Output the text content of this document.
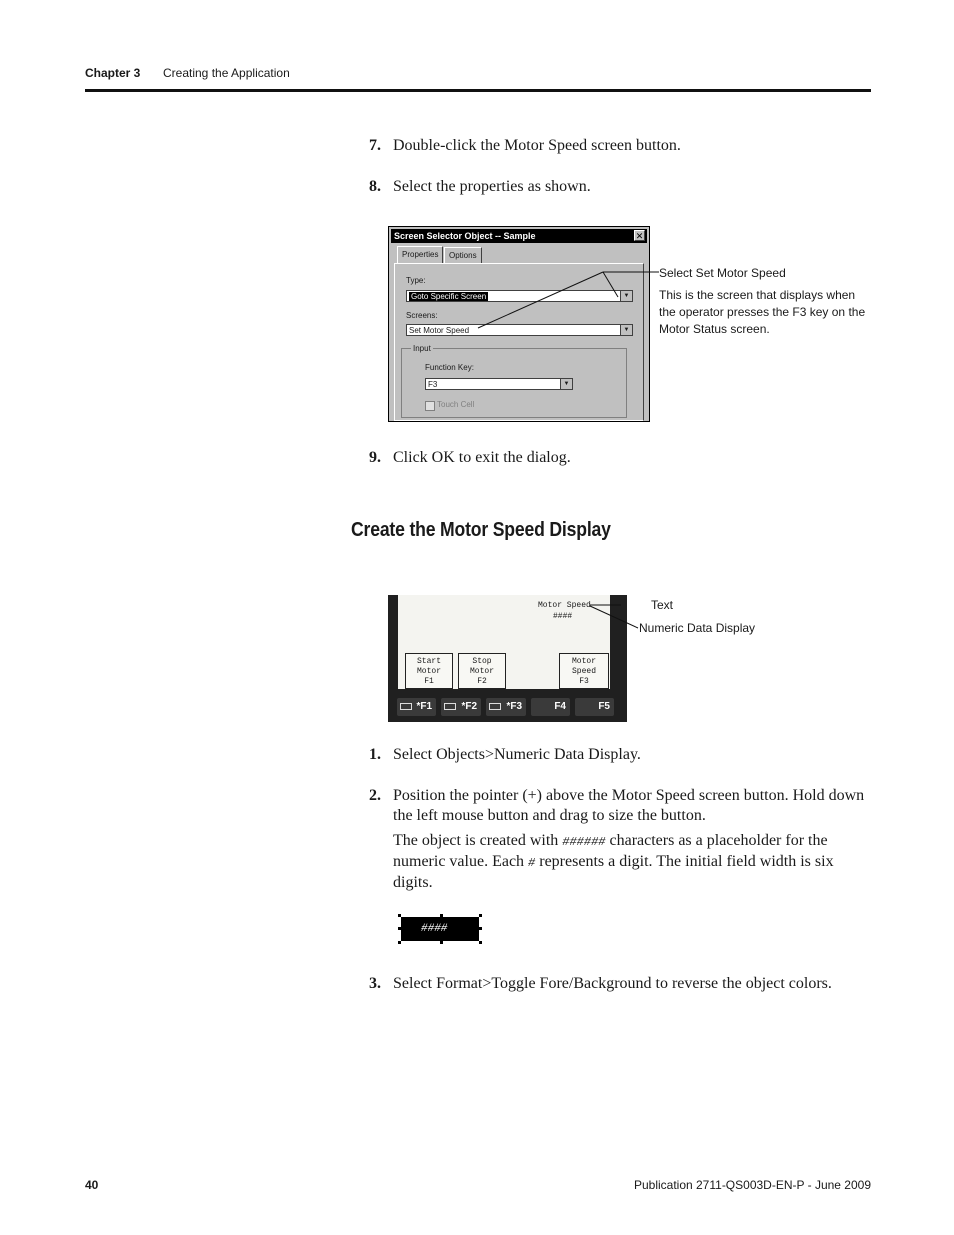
Chapter 3 Creating the Application
7. Double-click the Motor Speed screen button.
8. Select the properties as shown.
Screen Selector Object -- Sample	✕
Properties	Options
Type:
Goto Specific Screen	▼
Screens:
Set Motor Speed	▼
Input
Function Key:
F3	▼
Touch Cell
Select Set Motor Speed
This is the screen that displays when the operator presses the F3 key on the Motor Status screen.
9. Click OK to exit the dialog.
Create the Motor Speed Display
Motor Speed
####
Start
Motor
F1
Stop
Motor
F2
Motor
Speed
F3
*F1	*F2	*F3	F4	F5
Text
Numeric Data Display
1. Select Objects>Numeric Data Display.
2. Position the pointer (+) above the Motor Speed screen button. Hold down the left mouse button and drag to size the button.
The object is created with ###### characters as a placeholder for the numeric value. Each # represents a digit. The initial field width is six digits.
####
3. Select Format>Toggle Fore/Background to reverse the object colors.
40	Publication 2711-QS003D-EN-P - June 2009
